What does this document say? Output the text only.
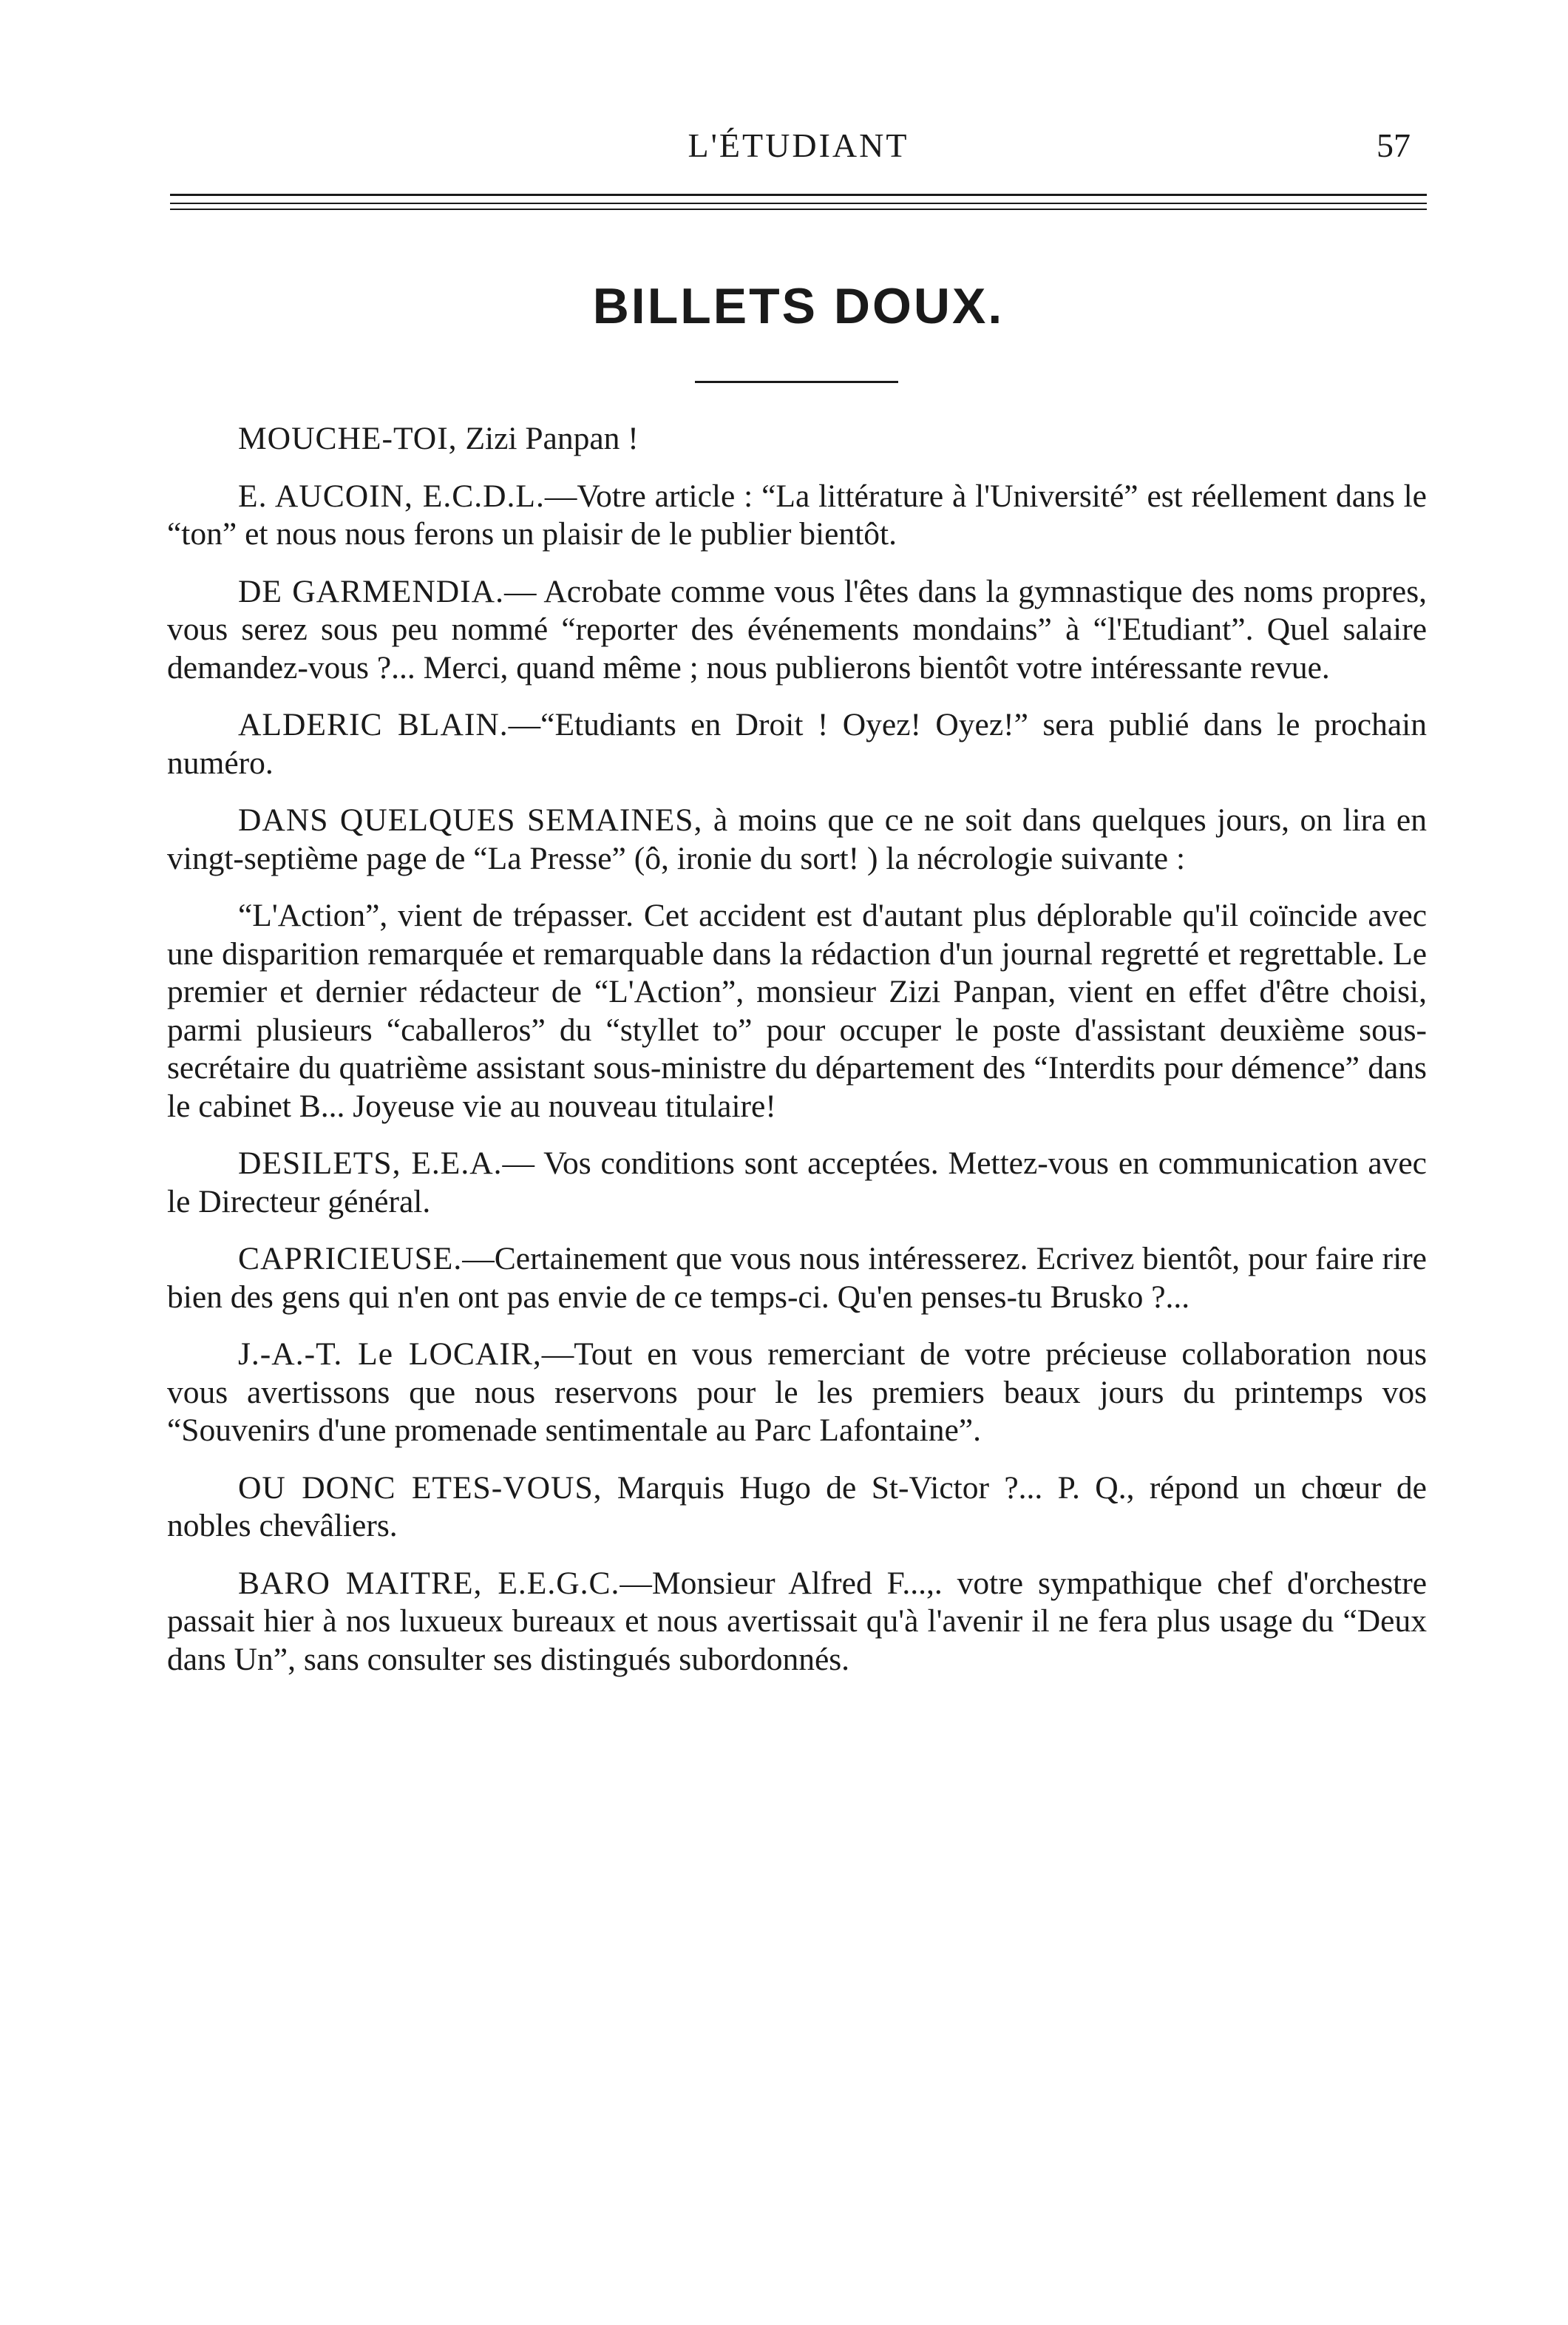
L'ÉTUDIANT	57
BILLETS DOUX.

MOUCHE-TOI, Zizi Panpan !

E. AUCOIN, E.C.D.L.—Votre article : “La littérature à l'Université” est réellement dans le “ton” et nous nous ferons un plaisir de le publier bientôt.

DE GARMENDIA.— Acrobate comme vous l'êtes dans la gymnastique des noms propres, vous serez sous peu nommé “reporter des événements mondains” à “l'Etudiant”. Quel salaire demandez-vous ?... Merci, quand même ; nous publierons bientôt votre intéressante revue.

ALDERIC BLAIN.—“Etudiants en Droit ! Oyez! Oyez!” sera publié dans le prochain numéro.

DANS QUELQUES SEMAINES, à moins que ce ne soit dans quelques jours, on lira en vingt-septième page de “La Presse” (ô, ironie du sort! ) la nécrologie suivante :

“L'Action”, vient de trépasser. Cet accident est d'autant plus déplorable qu'il coïncide avec une disparition remarquée et remarquable dans la rédaction d'un journal regretté et regrettable. Le premier et dernier rédacteur de “L'Action”, monsieur Zizi Panpan, vient en effet d'être choisi, parmi plusieurs “caballeros” du “styllet to” pour occuper le poste d'assistant deuxième sous-secrétaire du quatrième assistant sous-ministre du département des “Interdits pour démence” dans le cabinet B... Joyeuse vie au nouveau titulaire!

DESILETS, E.E.A.— Vos conditions sont acceptées. Mettez-vous en communication avec le Directeur général.

CAPRICIEUSE.—Certainement que vous nous intéresserez. Ecrivez bientôt, pour faire rire bien des gens qui n'en ont pas envie de ce temps-ci. Qu'en penses-tu Brusko ?...

J.-A.-T. Le LOCAIR,—Tout en vous remerciant de votre précieuse collaboration nous vous avertissons que nous reservons pour le les premiers beaux jours du printemps vos “Souvenirs d'une promenade sentimentale au Parc Lafontaine”.

OU DONC ETES-VOUS, Marquis Hugo de St-Victor ?... P. Q., répond un chœur de nobles chevâliers.

BARO MAITRE, E.E.G.C.—Monsieur Alfred F...,. votre sympathique chef d'orchestre passait hier à nos luxueux bureaux et nous avertissait qu'à l'avenir il ne fera plus usage du “Deux dans Un”, sans consulter ses distingués subordonnés.
